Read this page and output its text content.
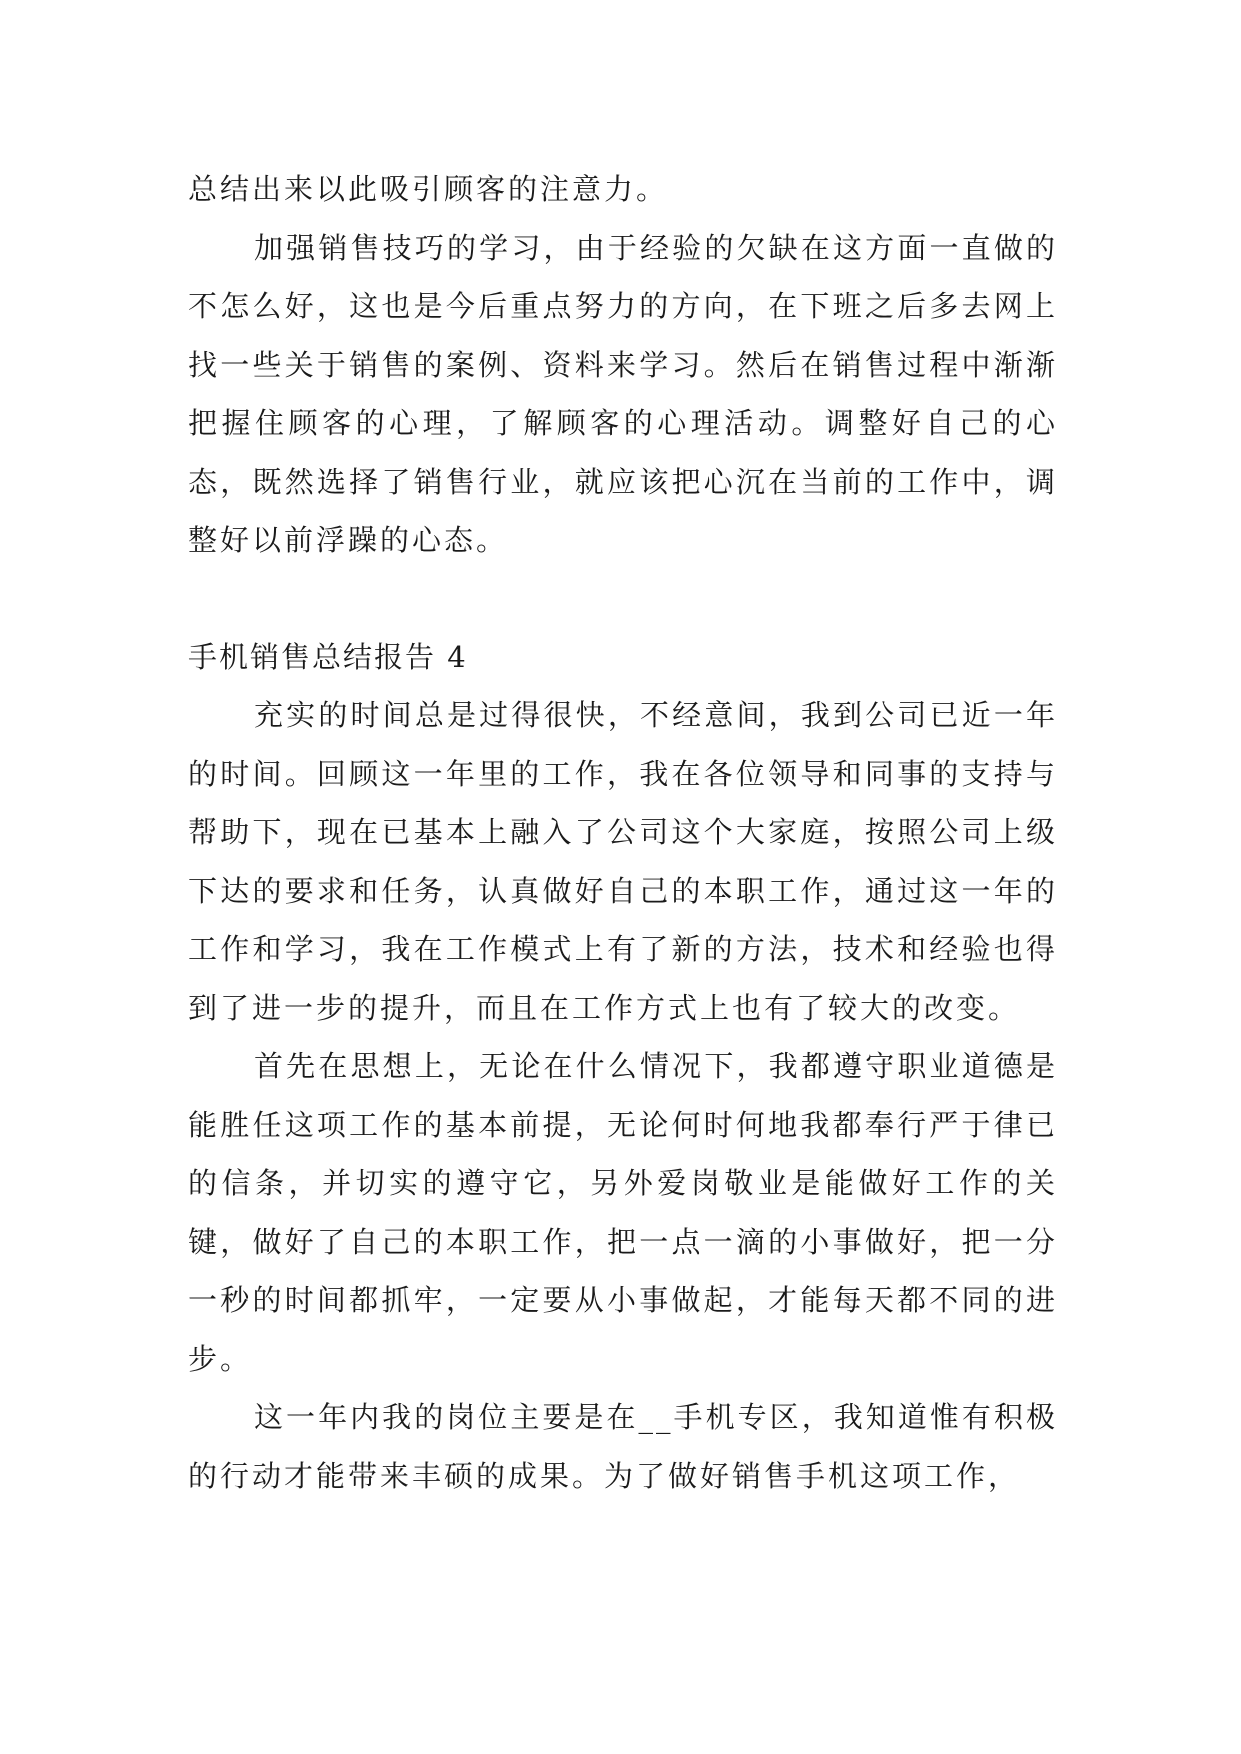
总结出来以此吸引顾客的注意力。

加强销售技巧的学习，由于经验的欠缺在这方面一直做的不怎么好，这也是今后重点努力的方向，在下班之后多去网上找一些关于销售的案例、资料来学习。然后在销售过程中渐渐把握住顾客的心理，了解顾客的心理活动。调整好自己的心态，既然选择了销售行业，就应该把心沉在当前的工作中，调整好以前浮躁的心态。

手机销售总结报告 4

充实的时间总是过得很快，不经意间，我到公司已近一年的时间。回顾这一年里的工作，我在各位领导和同事的支持与帮助下，现在已基本上融入了公司这个大家庭，按照公司上级下达的要求和任务，认真做好自己的本职工作，通过这一年的工作和学习，我在工作模式上有了新的方法，技术和经验也得到了进一步的提升，而且在工作方式上也有了较大的改变。

首先在思想上，无论在什么情况下，我都遵守职业道德是能胜任这项工作的基本前提，无论何时何地我都奉行严于律已的信条，并切实的遵守它，另外爱岗敬业是能做好工作的关键，做好了自己的本职工作，把一点一滴的小事做好，把一分一秒的时间都抓牢，一定要从小事做起，才能每天都不同的进步。

这一年内我的岗位主要是在__手机专区，我知道惟有积极的行动才能带来丰硕的成果。为了做好销售手机这项工作，
